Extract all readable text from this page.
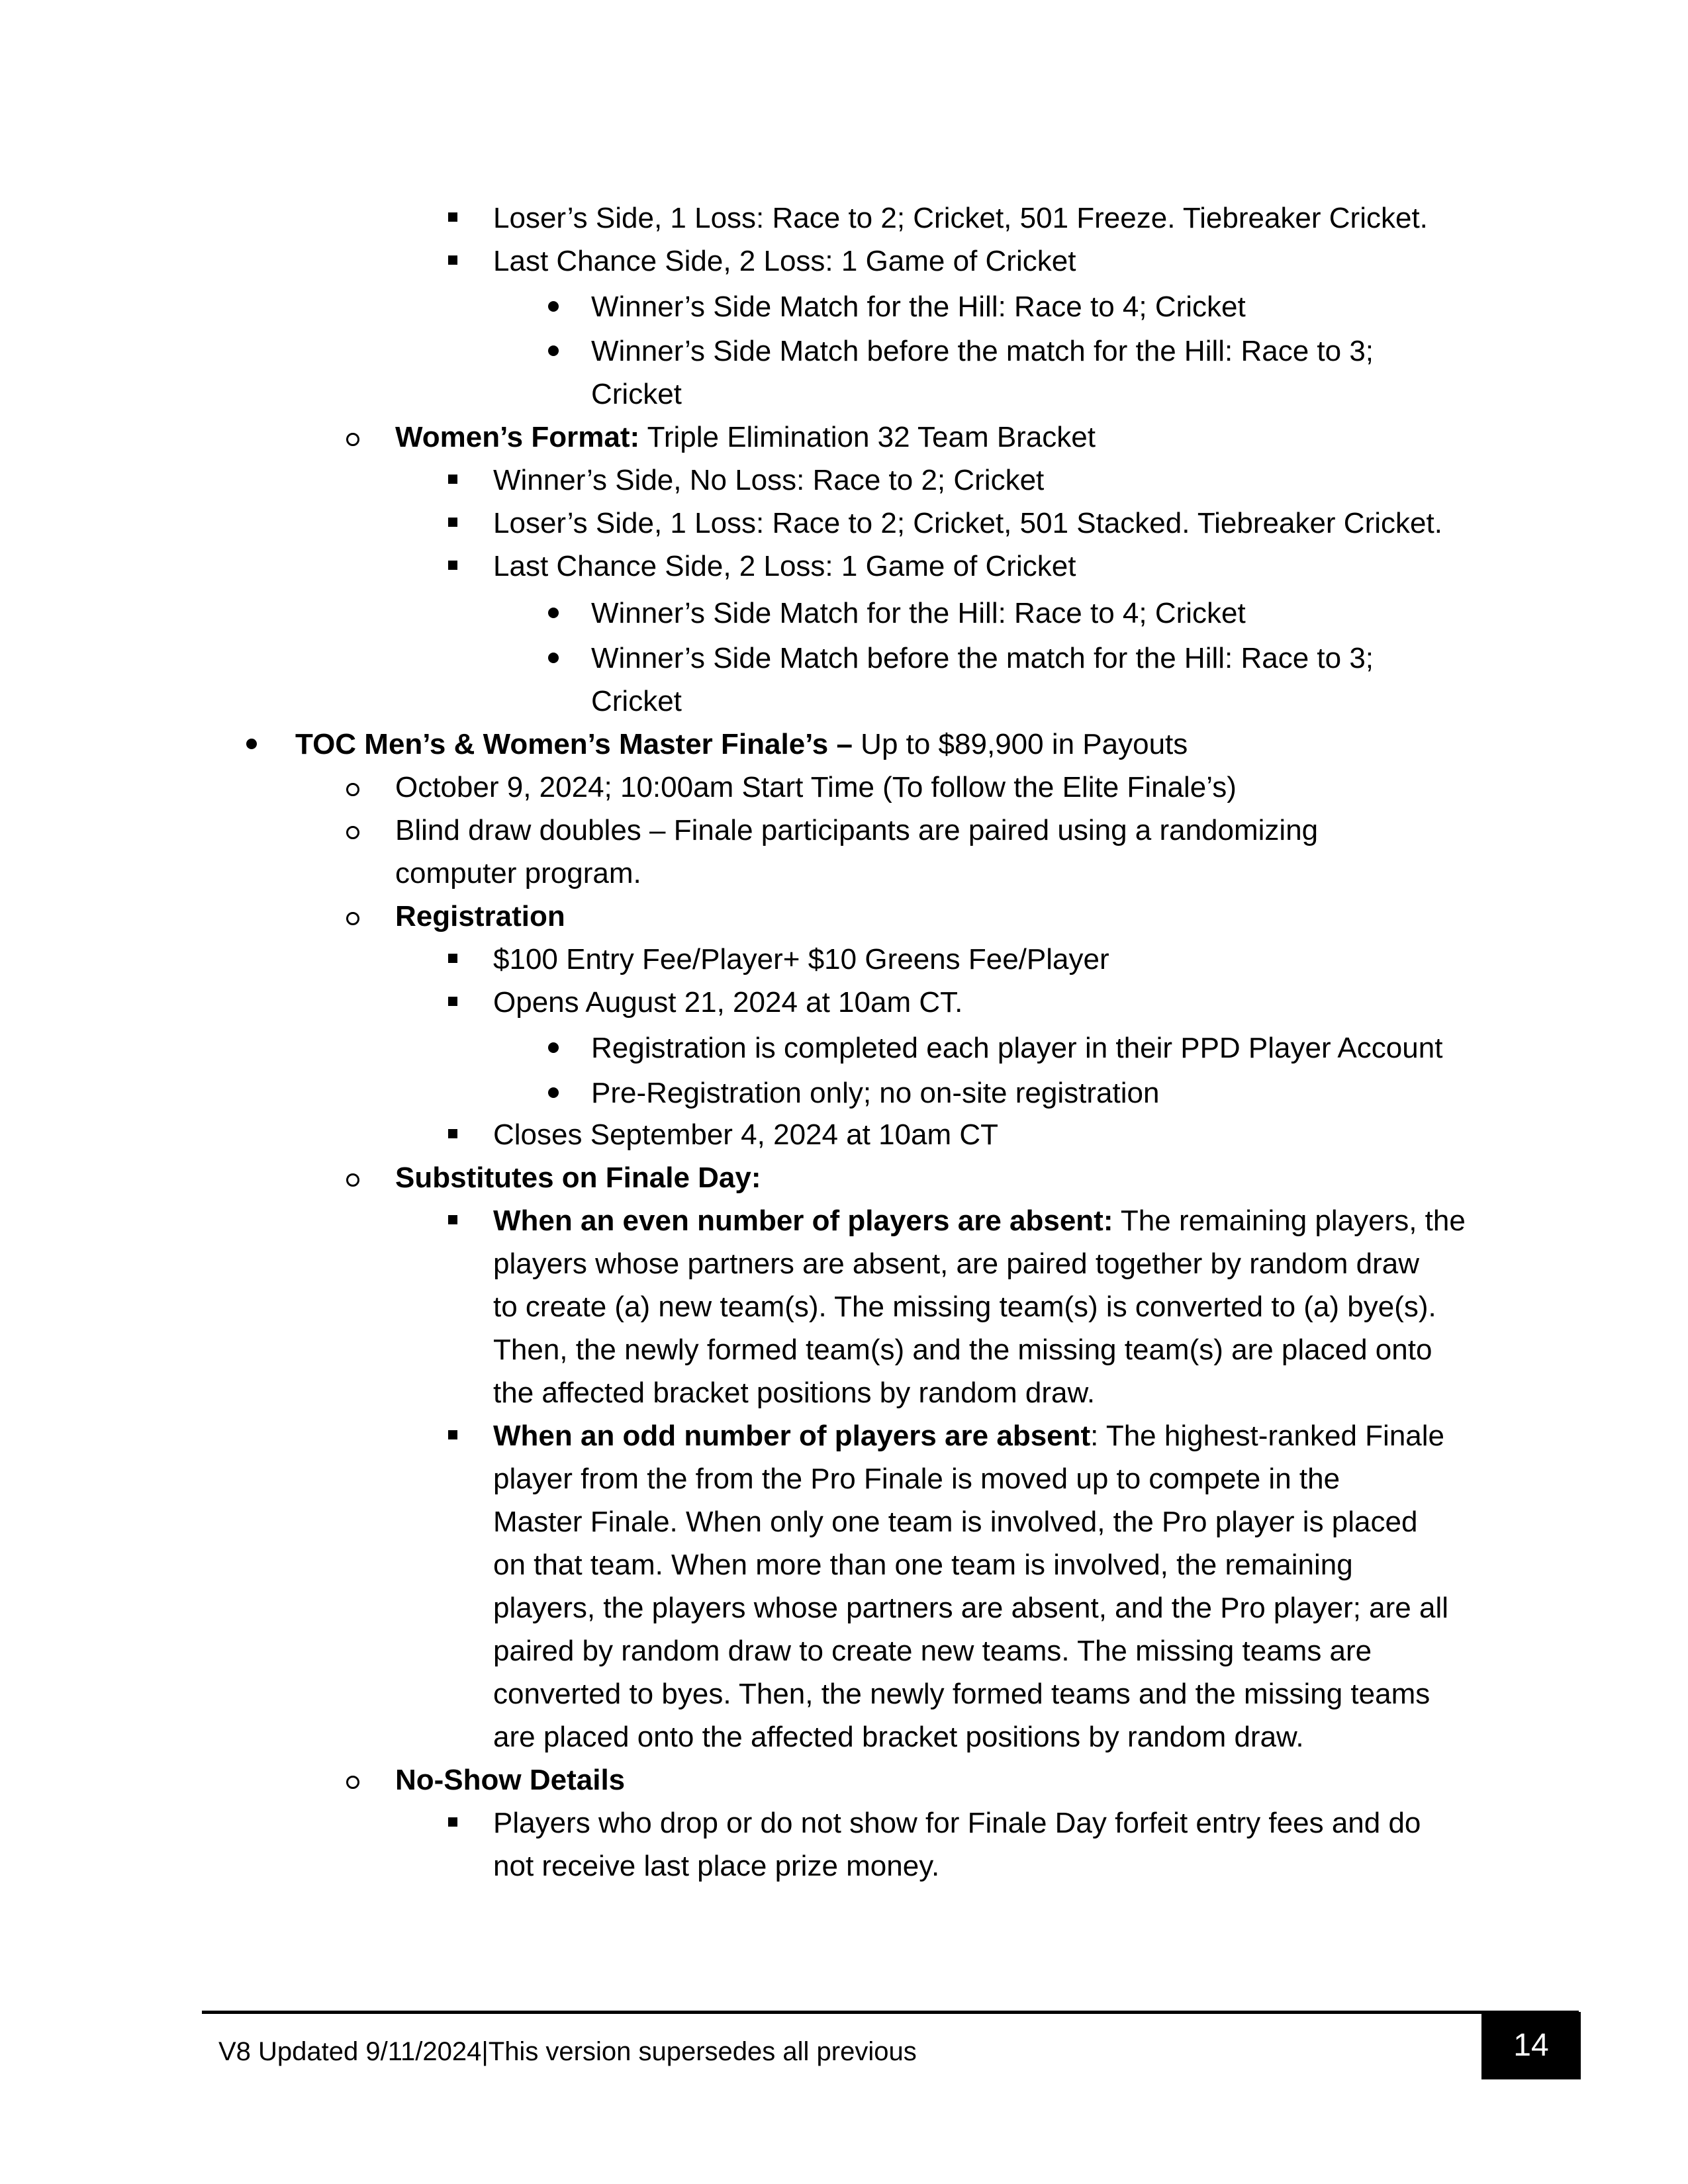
Loser’s Side, 1 Loss: Race to 2; Cricket, 501 Freeze. Tiebreaker Cricket.
Last Chance Side, 2 Loss: 1 Game of Cricket
Winner’s Side Match for the Hill: Race to 4; Cricket
Winner’s Side Match before the match for the Hill: Race to 3;
Cricket
Women’s Format: Triple Elimination 32 Team Bracket
Winner’s Side, No Loss: Race to 2; Cricket
Loser’s Side, 1 Loss: Race to 2; Cricket, 501 Stacked. Tiebreaker Cricket.
Last Chance Side, 2 Loss: 1 Game of Cricket
Winner’s Side Match for the Hill: Race to 4; Cricket
Winner’s Side Match before the match for the Hill: Race to 3;
Cricket
TOC Men’s & Women’s Master Finale’s – Up to $89,900 in Payouts
October 9, 2024; 10:00am Start Time (To follow the Elite Finale’s)
Blind draw doubles – Finale participants are paired using a randomizing
computer program.
Registration
$100 Entry Fee/Player+ $10 Greens Fee/Player
Opens August 21, 2024 at 10am CT.
Registration is completed each player in their PPD Player Account
Pre-Registration only; no on-site registration
Closes September 4, 2024 at 10am CT
Substitutes on Finale Day:
When an even number of players are absent: The remaining players, the
players whose partners are absent, are paired together by random draw
to create (a) new team(s). The missing team(s) is converted to (a) bye(s).
Then, the newly formed team(s) and the missing team(s) are placed onto
the affected bracket positions by random draw.
When an odd number of players are absent: The highest-ranked Finale
player from the from the Pro Finale is moved up to compete in the
Master Finale. When only one team is involved, the Pro player is placed
on that team. When more than one team is involved, the remaining
players, the players whose partners are absent, and the Pro player; are all
paired by random draw to create new teams. The missing teams are
converted to byes. Then, the newly formed teams and the missing teams
are placed onto the affected bracket positions by random draw.
No-Show Details
Players who drop or do not show for Finale Day forfeit entry fees and do
not receive last place prize money.
V8 Updated 9/11/2024|This version supersedes all previous	14
